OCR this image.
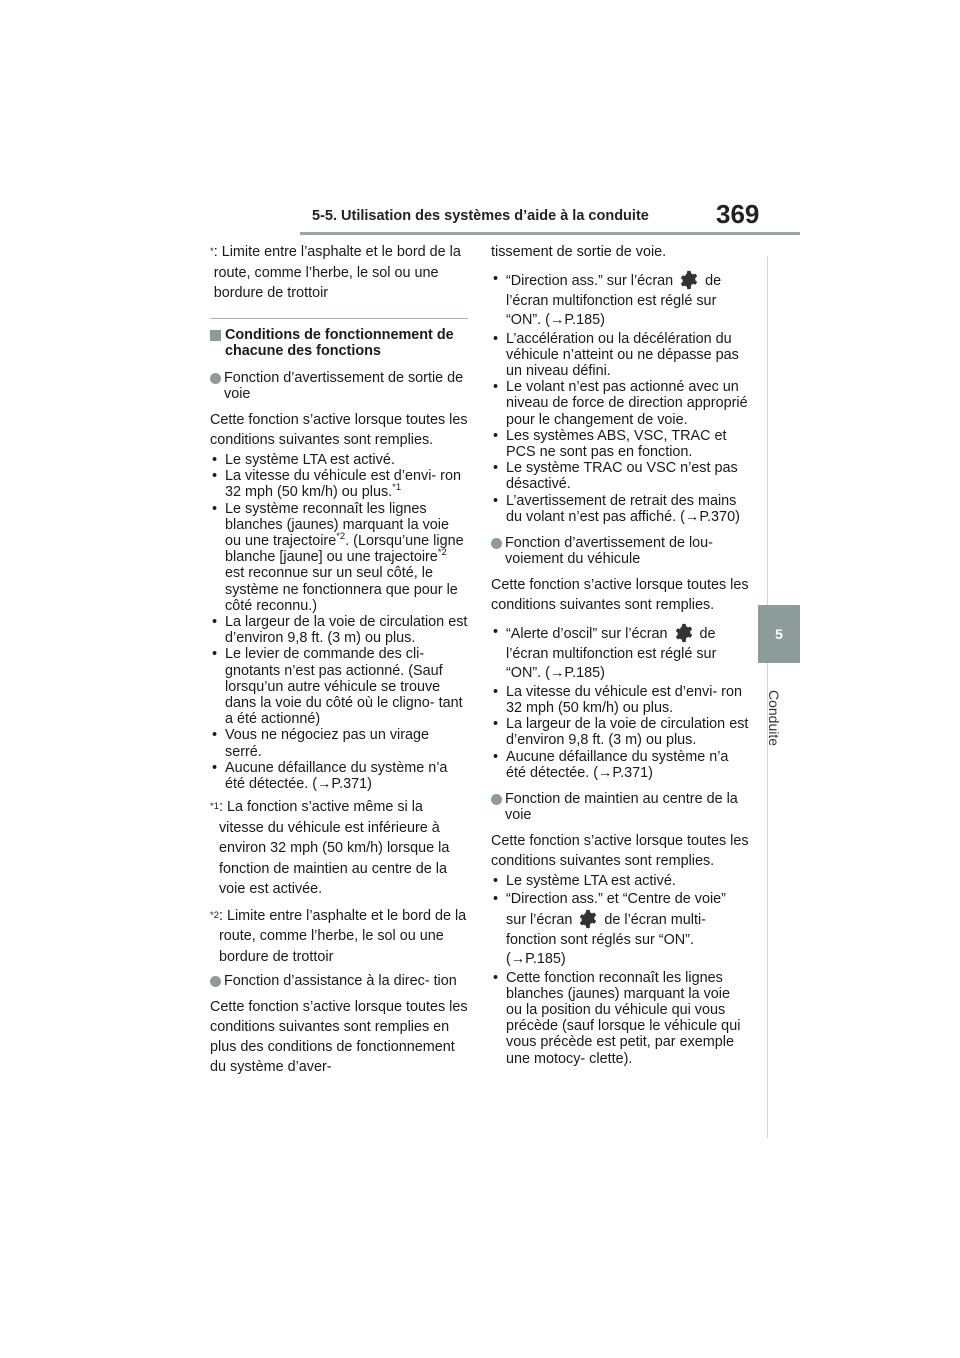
5-5. Utilisation des systèmes d’aide à la conduite	369
5
Conduite
* : Limite entre l’asphalte et le bord de la route, comme l’herbe, le sol ou une bordure de trottoir
Conditions de fonctionnement de chacune des fonctions
Fonction d’avertissement de sortie de voie

Cette fonction s’active lorsque toutes les conditions suivantes sont remplies.

• Le système LTA est activé.
• La vitesse du véhicule est d’envi- ron 32 mph (50 km/h) ou plus.$^{*1}$
• Le système reconnaît les lignes blanches (jaunes) marquant la voie ou une trajectoire$^{*2}$. (Lorsqu’une ligne blanche [jaune] ou une trajectoire$^{*2}$ est reconnue sur un seul côté, le système ne fonctionnera que pour le côté reconnu.)
• La largeur de la voie de circulation est d’environ 9,8 ft. (3 m) ou plus.
• Le levier de commande des cli- gnotants n’est pas actionné. (Sauf lorsqu’un autre véhicule se trouve dans la voie du côté où le cligno- tant a été actionné)
• Vous ne négociez pas un virage serré.
• Aucune défaillance du système n’a été détectée. (→P.371)
$^{*1}$ : La fonction s’active même si la vitesse du véhicule est inférieure à environ 32 mph (50 km/h) lorsque la fonction de maintien au centre de la voie est activée.
$^{*2}$ : Limite entre l’asphalte et le bord de la route, comme l’herbe, le sol ou une bordure de trottoir
Fonction d’assistance à la direc- tion

Cette fonction s’active lorsque toutes les conditions suivantes sont remplies en plus des conditions de fonctionnement du système d’aver-

tissement de sortie de voie.

• “Direction ass.” sur l’écran de l’écran multifonction est réglé sur “ON”. (→P.185)
• L’accélération ou la décélération du véhicule n’atteint ou ne dépasse pas un niveau défini.
• Le volant n’est pas actionné avec un niveau de force de direction approprié pour le changement de voie.
• Les systèmes ABS, VSC, TRAC et PCS ne sont pas en fonction.
• Le système TRAC ou VSC n’est pas désactivé.
• L’avertissement de retrait des mains du volant n’est pas affiché. (→P.370)
Fonction d’avertissement de lou- voiement du véhicule

Cette fonction s’active lorsque toutes les conditions suivantes sont remplies.

• “Alerte d’oscil” sur l’écran de l’écran multifonction est réglé sur “ON”. (→P.185)
• La vitesse du véhicule est d’envi- ron 32 mph (50 km/h) ou plus.
• La largeur de la voie de circulation est d’environ 9,8 ft. (3 m) ou plus.
• Aucune défaillance du système n’a été détectée. (→P.371)
Fonction de maintien au centre de la voie

Cette fonction s’active lorsque toutes les conditions suivantes sont remplies.

• Le système LTA est activé.
• “Direction ass.” et “Centre de voie” sur l’écran de l’écran multi- fonction sont réglés sur “ON”. (→P.185)
• Cette fonction reconnaît les lignes blanches (jaunes) marquant la voie ou la position du véhicule qui vous précède (sauf lorsque le véhicule qui vous précède est petit, par exemple une motocy- clette).
